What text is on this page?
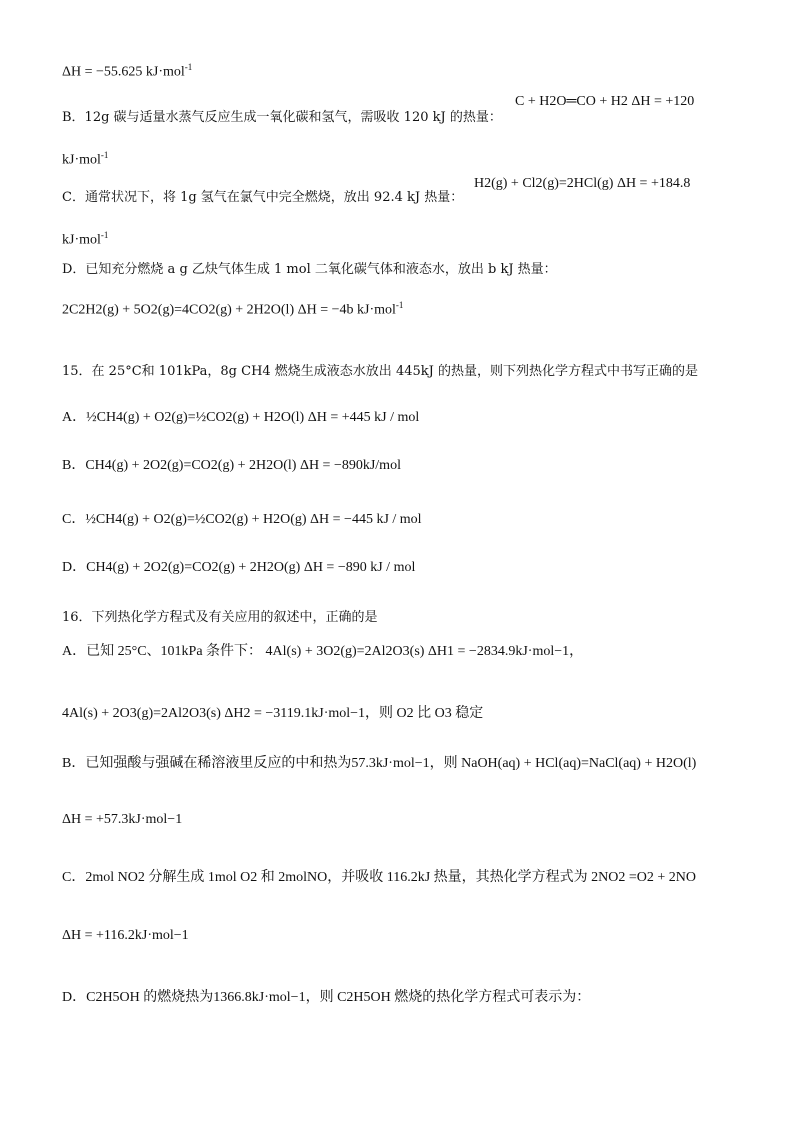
ΔH = −55.625 kJ·mol$^{-1}$
B．12g 碳与适量水蒸气反应生成一氧化碳和氢气，需吸收 120 kJ 的热量：
C + H2O═CO + H2 ΔH = +120
kJ·mol$^{-1}$
C．通常状况下，将 1g 氢气在氯气中完全燃烧，放出 92.4 kJ 热量：
H2(g) + Cl2(g)=2HCl(g) ΔH = +184.8
kJ·mol$^{-1}$
D．已知充分燃烧 a g 乙炔气体生成 1 mol 二氧化碳气体和液态水，放出 b kJ 热量：
2C2H2(g) + 5O2(g)=4CO2(g) + 2H2O(l) ΔH = −4b kJ·mol$^{-1}$
15．在 25°C和 101kPa，8g CH4 燃烧生成液态水放出 445kJ 的热量，则下列热化学方程式中书写正确的是
A．½CH4(g) + O2(g)=½CO2(g) + H2O(l) ΔH = +445 kJ / mol
B．CH4(g) + 2O2(g)=CO2(g) + 2H2O(l) ΔH = −890kJ/mol
C．½CH4(g) + O2(g)=½CO2(g) + H2O(g) ΔH = −445 kJ / mol
D．CH4(g) + 2O2(g)=CO2(g) + 2H2O(g) ΔH = −890 kJ / mol
16．下列热化学方程式及有关应用的叙述中，正确的是
A．已知 25°C、101kPa 条件下： 4Al(s) + 3O2(g)=2Al2O3(s) ΔH1 = −2834.9kJ·mol−1，
4Al(s) + 2O3(g)=2Al2O3(s) ΔH2 = −3119.1kJ·mol−1，则 O2 比 O3 稳定
B．已知强酸与强碱在稀溶液里反应的中和热为57.3kJ·mol−1，则 NaOH(aq) + HCl(aq)=NaCl(aq) + H2O(l)
ΔH = +57.3kJ·mol−1
C．2mol NO2 分解生成 1mol O2 和 2molNO，并吸收 116.2kJ 热量，其热化学方程式为 2NO2 =O2 + 2NO
ΔH = +116.2kJ·mol−1
D．C2H5OH 的燃烧热为1366.8kJ·mol−1，则 C2H5OH 燃烧的热化学方程式可表示为：
